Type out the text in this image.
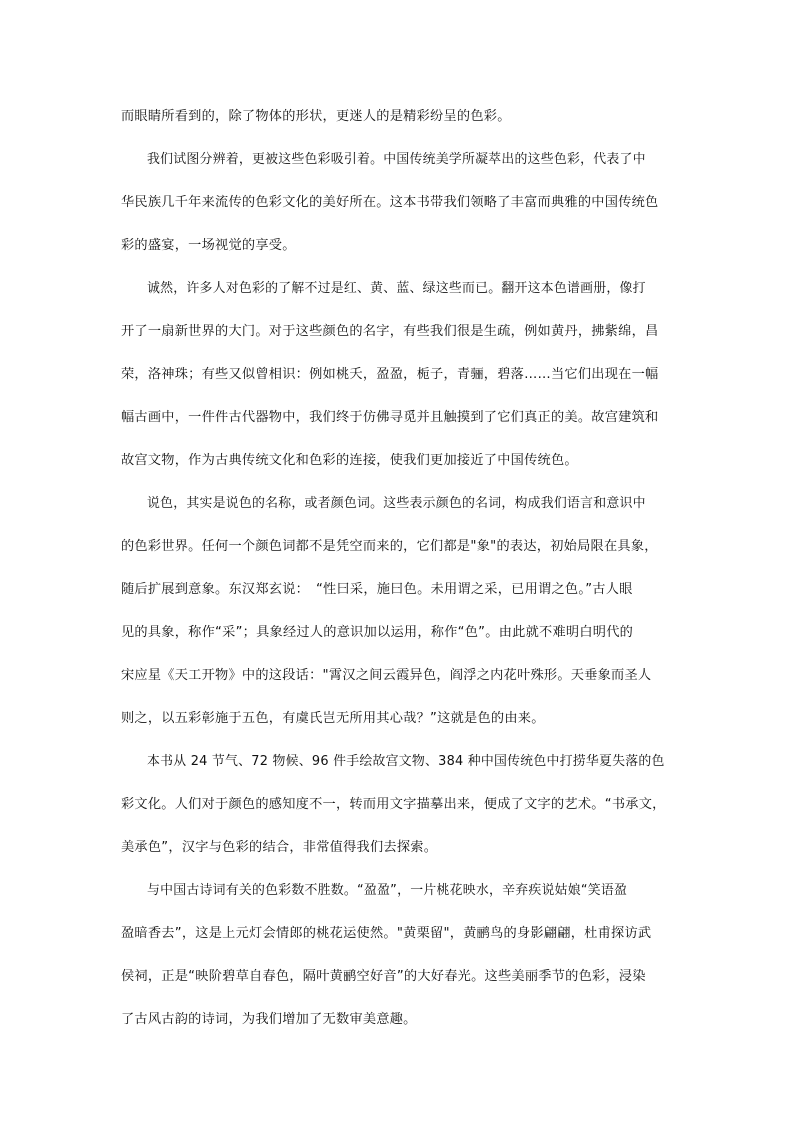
而眼睛所看到的，除了物体的形状，更迷人的是精彩纷呈的色彩。
我们试图分辨着，更被这些色彩吸引着。中国传统美学所凝萃出的这些色彩，代表了中
华民族几千年来流传的色彩文化的美好所在。这本书带我们领略了丰富而典雅的中国传统色
彩的盛宴，一场视觉的享受。
诚然，许多人对色彩的了解不过是红、黄、蓝、绿这些而已。翻开这本色谱画册，像打
开了一扇新世界的大门。对于这些颜色的名字，有些我们很是生疏，例如黄丹，拂紫绵，昌
荣，洛神珠；有些又似曾相识：例如桃夭，盈盈，栀子，青骊，碧落……当它们出现在一幅
幅古画中，一件件古代器物中，我们终于仿佛寻觅并且触摸到了它们真正的美。故宫建筑和
故宫文物，作为古典传统文化和色彩的连接，使我们更加接近了中国传统色。
说色，其实是说色的名称，或者颜色词。这些表示颜色的名词，构成我们语言和意识中
的色彩世界。任何一个颜色词都不是凭空而来的，它们都是"象"的表达，初始局限在具象，
随后扩展到意象。东汉郑玄说：　“性曰采，施曰色。未用谓之采，已用谓之色。”古人眼
见的具象，称作“采”；具象经过人的意识加以运用，称作“色”。由此就不难明白明代的
宋应星《天工开物》中的这段话："霄汉之间云霞异色，阎浮之内花叶殊形。天垂象而圣人
则之，以五彩彰施于五色，有虞氏岂无所用其心哉？”这就是色的由来。
本书从 24 节气、72 物候、96 件手绘故宫文物、384 种中国传统色中打捞华夏失落的色
彩文化。人们对于颜色的感知度不一，转而用文字描摹出来，便成了文字的艺术。“书承文，
美承色”，汉字与色彩的结合，非常值得我们去探索。
与中国古诗词有关的色彩数不胜数。“盈盈”，一片桃花映水，辛弃疾说姑娘“笑语盈
盈暗香去”，这是上元灯会情郎的桃花运使然。"黄栗留"，黄鹂鸟的身影翩翩，杜甫探访武
侯祠，正是“映阶碧草自春色，隔叶黄鹂空好音”的大好春光。这些美丽季节的色彩，浸染
了古风古韵的诗词，为我们增加了无数审美意趣。
